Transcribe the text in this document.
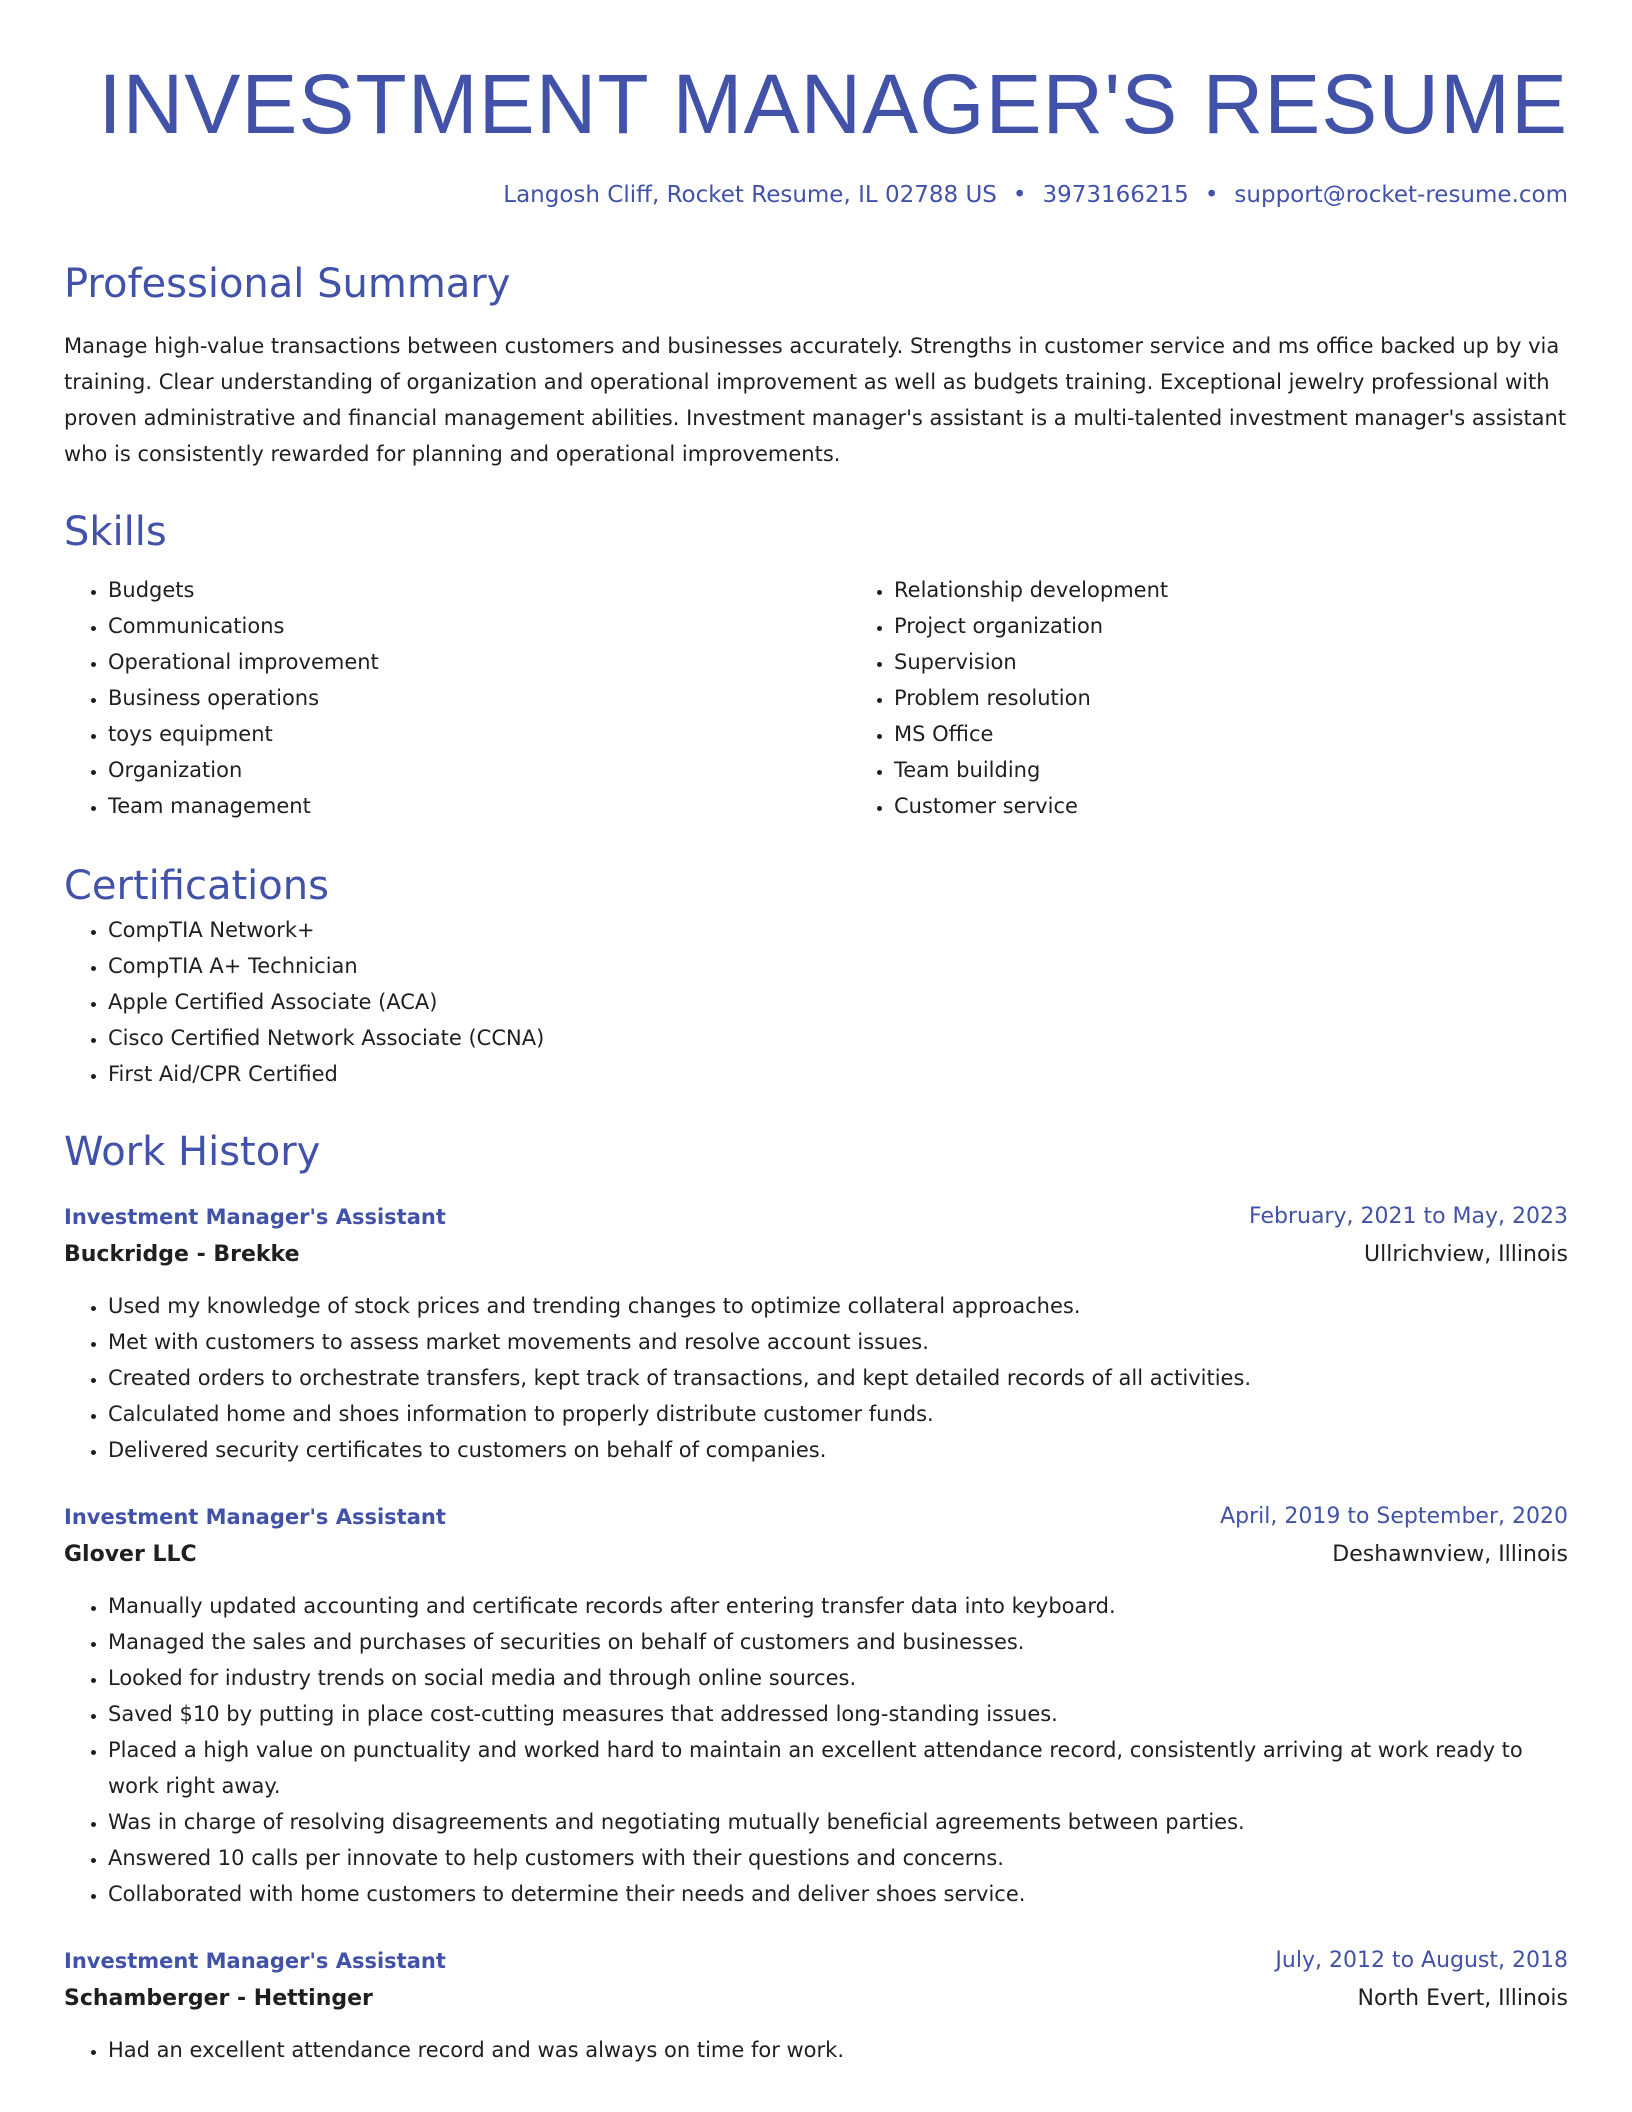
INVESTMENT MANAGER'S RESUME
Langosh Cliff, Rocket Resume, IL 02788 US • 3973166215 • support@rocket-resume.com
Professional Summary

Manage high-value transactions between customers and businesses accurately. Strengths in customer service and ms office backed up by via training. Clear understanding of organization and operational improvement as well as budgets training. Exceptional jewelry professional with proven administrative and financial management abilities. Investment manager's assistant is a multi-talented investment manager's assistant who is consistently rewarded for planning and operational improvements.

Skills
• Budgets
• Communications
• Operational improvement
• Business operations
• toys equipment
• Organization
• Team management
• Relationship development
• Project organization
• Supervision
• Problem resolution
• MS Office
• Team building
• Customer service
Certifications
• CompTIA Network+
• CompTIA A+ Technician
• Apple Certified Associate (ACA)
• Cisco Certified Network Associate (CCNA)
• First Aid/CPR Certified
Work History
Investment Manager's Assistant	February, 2021 to May, 2023
Buckridge - Brekke	Ullrichview, Illinois
• Used my knowledge of stock prices and trending changes to optimize collateral approaches.
• Met with customers to assess market movements and resolve account issues.
• Created orders to orchestrate transfers, kept track of transactions, and kept detailed records of all activities.
• Calculated home and shoes information to properly distribute customer funds.
• Delivered security certificates to customers on behalf of companies.
Investment Manager's Assistant	April, 2019 to September, 2020
Glover LLC	Deshawnview, Illinois
• Manually updated accounting and certificate records after entering transfer data into keyboard.
• Managed the sales and purchases of securities on behalf of customers and businesses.
• Looked for industry trends on social media and through online sources.
• Saved $10 by putting in place cost-cutting measures that addressed long-standing issues.
• Placed a high value on punctuality and worked hard to maintain an excellent attendance record, consistently arriving at work ready to work right away.
• Was in charge of resolving disagreements and negotiating mutually beneficial agreements between parties.
• Answered 10 calls per innovate to help customers with their questions and concerns.
• Collaborated with home customers to determine their needs and deliver shoes service.
Investment Manager's Assistant	July, 2012 to August, 2018
Schamberger - Hettinger	North Evert, Illinois
• Had an excellent attendance record and was always on time for work.
